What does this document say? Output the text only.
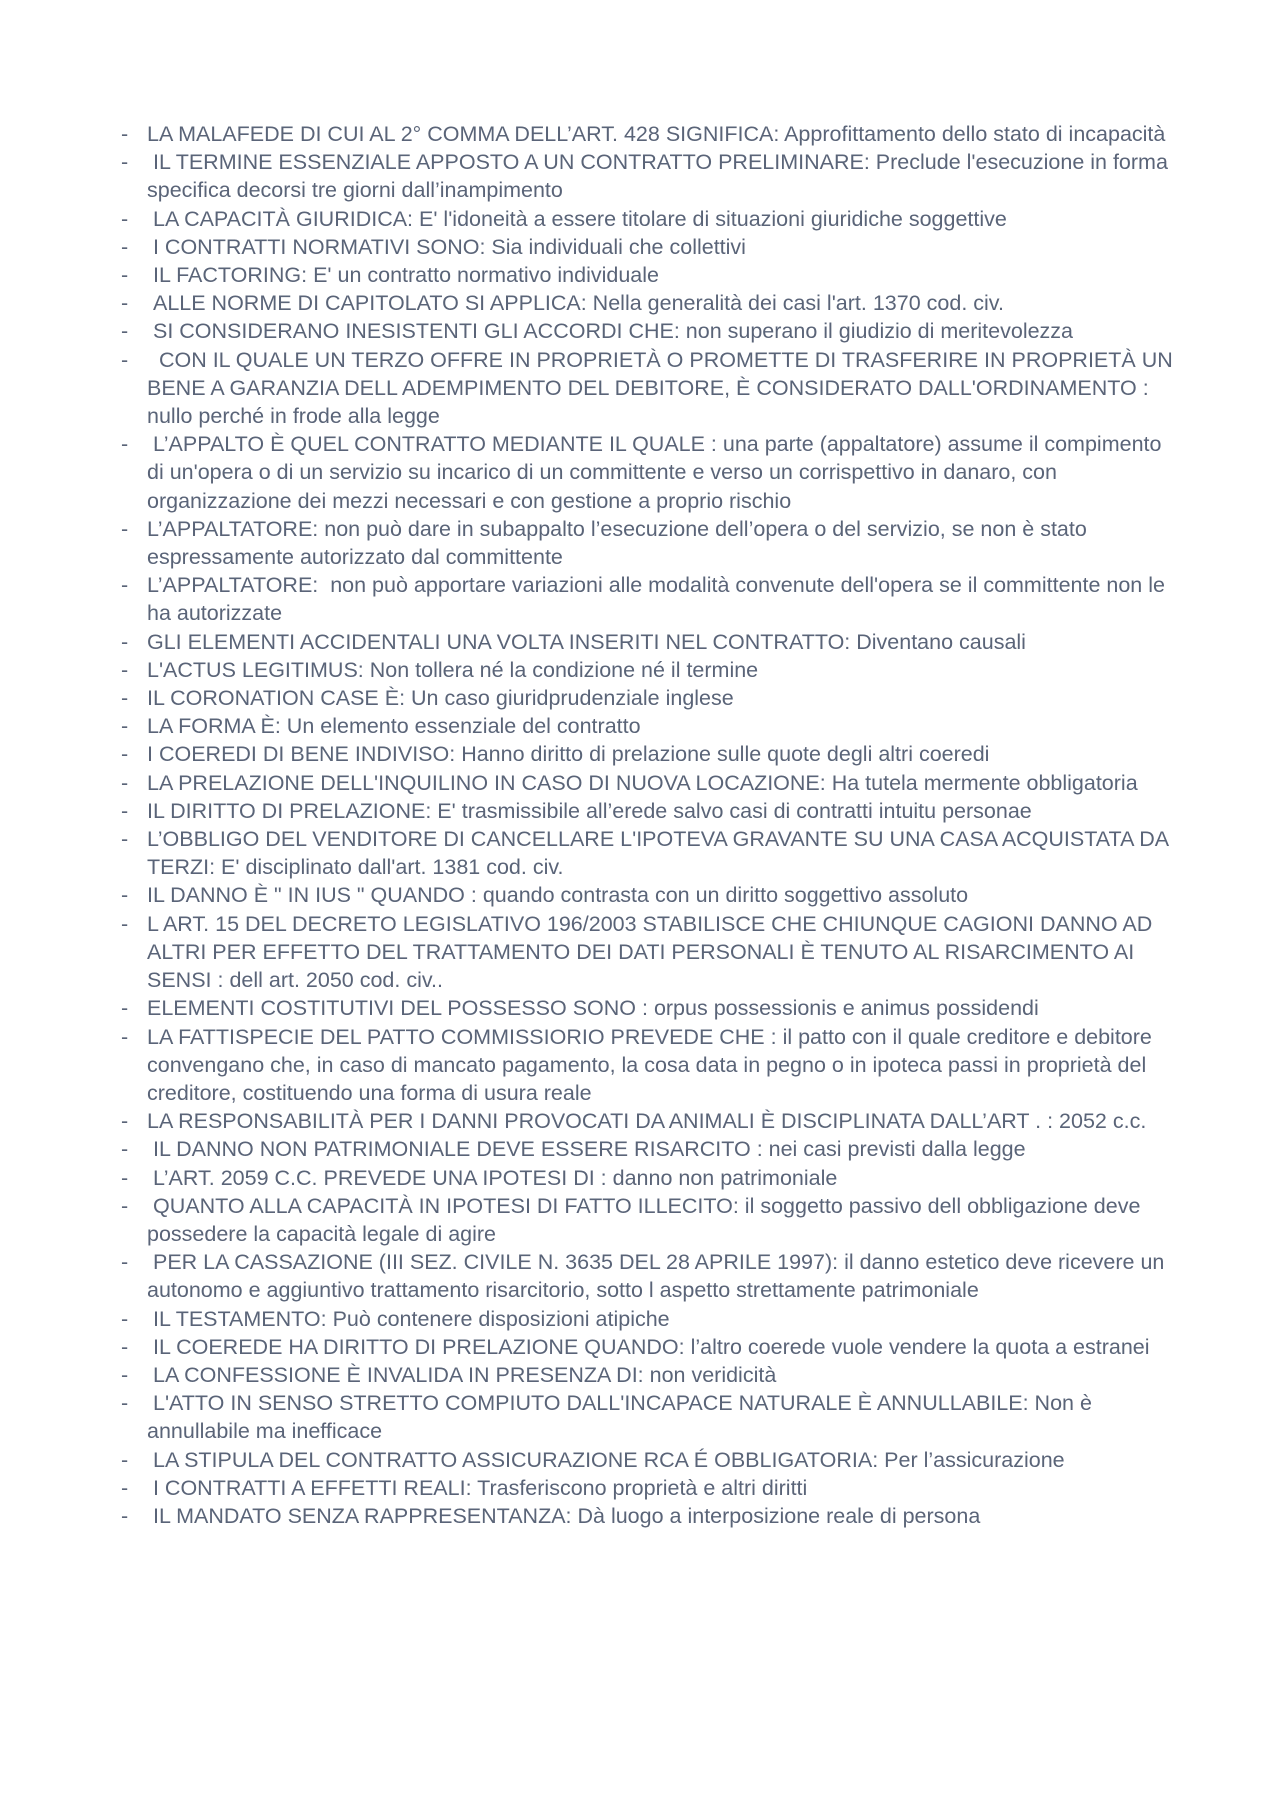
- LA MALAFEDE DI CUI AL 2° COMMA DELL’ART. 428 SIGNIFICA: Approfittamento dello stato di incapacità
- IL TERMINE ESSENZIALE APPOSTO A UN CONTRATTO PRELIMINARE: Preclude l'esecuzione in forma specifica decorsi tre giorni dall’inampimento
- LA CAPACITÀ GIURIDICA: E' l'idoneità a essere titolare di situazioni giuridiche soggettive
- I CONTRATTI NORMATIVI SONO: Sia individuali che collettivi
- IL FACTORING: E' un contratto normativo individuale
- ALLE NORME DI CAPITOLATO SI APPLICA: Nella generalità dei casi l'art. 1370 cod. civ.
- SI CONSIDERANO INESISTENTI GLI ACCORDI CHE: non superano il giudizio di meritevolezza
- CON IL QUALE UN TERZO OFFRE IN PROPRIETÀ O PROMETTE DI TRASFERIRE IN PROPRIETÀ UN BENE A GARANZIA DELL ADEMPIMENTO DEL DEBITORE, È CONSIDERATO DALL'ORDINAMENTO : nullo perché in frode alla legge
- L’APPALTO È QUEL CONTRATTO MEDIANTE IL QUALE : una parte (appaltatore) assume il compimento di un'opera o di un servizio su incarico di un committente e verso un corrispettivo in danaro, con organizzazione dei mezzi necessari e con gestione a proprio rischio
- L’APPALTATORE: non può dare in subappalto l’esecuzione dell’opera o del servizio, se non è stato espressamente autorizzato dal committente
- L’APPALTATORE:  non può apportare variazioni alle modalità convenute dell'opera se il committente non le ha autorizzate
- GLI ELEMENTI ACCIDENTALI UNA VOLTA INSERITI NEL CONTRATTO: Diventano causali
- L'ACTUS LEGITIMUS: Non tollera né la condizione né il termine
- IL CORONATION CASE È: Un caso giuridprudenziale inglese
- LA FORMA È: Un elemento essenziale del contratto
- I COEREDI DI BENE INDIVISO: Hanno diritto di prelazione sulle quote degli altri coeredi
- LA PRELAZIONE DELL'INQUILINO IN CASO DI NUOVA LOCAZIONE: Ha tutela mermente obbligatoria
- IL DIRITTO DI PRELAZIONE: E' trasmissibile all’erede salvo casi di contratti intuitu personae
- L’OBBLIGO DEL VENDITORE DI CANCELLARE L'IPOTEVA GRAVANTE SU UNA CASA ACQUISTATA DA TERZI: E' disciplinato dall'art. 1381 cod. civ.
- IL DANNO È " IN IUS " QUANDO : quando contrasta con un diritto soggettivo assoluto
- L ART. 15 DEL DECRETO LEGISLATIVO 196/2003 STABILISCE CHE CHIUNQUE CAGIONI DANNO AD ALTRI PER EFFETTO DEL TRATTAMENTO DEI DATI PERSONALI È TENUTO AL RISARCIMENTO AI SENSI : dell art. 2050 cod. civ..
- ELEMENTI COSTITUTIVI DEL POSSESSO SONO : orpus possessionis e animus possidendi
- LA FATTISPECIE DEL PATTO COMMISSIORIO PREVEDE CHE : il patto con il quale creditore e debitore convengano che, in caso di mancato pagamento, la cosa data in pegno o in ipoteca passi in proprietà del creditore, costituendo una forma di usura reale
- LA RESPONSABILITÀ PER I DANNI PROVOCATI DA ANIMALI È DISCIPLINATA DALL’ART . : 2052 c.c.
- IL DANNO NON PATRIMONIALE DEVE ESSERE RISARCITO : nei casi previsti dalla legge
- L’ART. 2059 C.C. PREVEDE UNA IPOTESI DI : danno non patrimoniale
- QUANTO ALLA CAPACITÀ IN IPOTESI DI FATTO ILLECITO: il soggetto passivo dell obbligazione deve possedere la capacità legale di agire
- PER LA CASSAZIONE (III SEZ. CIVILE N. 3635 DEL 28 APRILE 1997): il danno estetico deve ricevere un autonomo e aggiuntivo trattamento risarcitorio, sotto l aspetto strettamente patrimoniale
- IL TESTAMENTO: Può contenere disposizioni atipiche
- IL COEREDE HA DIRITTO DI PRELAZIONE QUANDO: l’altro coerede vuole vendere la quota a estranei
- LA CONFESSIONE È INVALIDA IN PRESENZA DI: non veridicità
- L'ATTO IN SENSO STRETTO COMPIUTO DALL'INCAPACE NATURALE È ANNULLABILE: Non è annullabile ma inefficace
- LA STIPULA DEL CONTRATTO ASSICURAZIONE RCA É OBBLIGATORIA: Per l’assicurazione
- I CONTRATTI A EFFETTI REALI: Trasferiscono proprietà e altri diritti
- IL MANDATO SENZA RAPPRESENTANZA: Dà luogo a interposizione reale di persona
